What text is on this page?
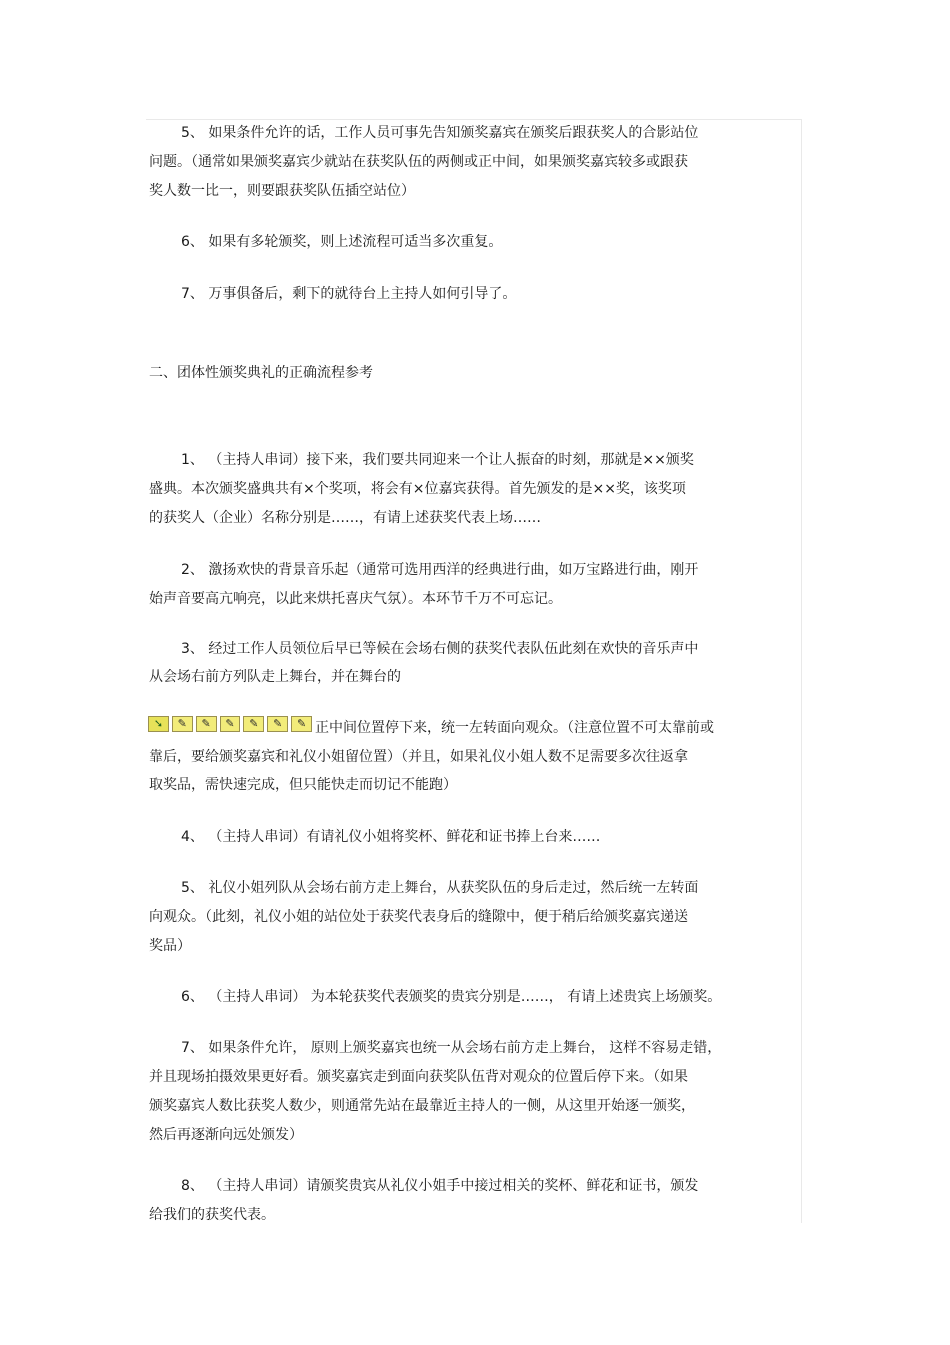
5、 如果条件允许的话，工作人员可事先告知颁奖嘉宾在颁奖后跟获奖人的合影站位
问题。（通常如果颁奖嘉宾少就站在获奖队伍的两侧或正中间，如果颁奖嘉宾较多或跟获
奖人数一比一，则要跟获奖队伍插空站位）
6、 如果有多轮颁奖，则上述流程可适当多次重复。
7、 万事俱备后，剩下的就待台上主持人如何引导了。
二、团体性颁奖典礼的正确流程参考
1、 （主持人串词）接下来，我们要共同迎来一个让人振奋的时刻，那就是××颁奖
盛典。本次颁奖盛典共有×个奖项，将会有×位嘉宾获得。首先颁发的是××奖，该奖项
的获奖人（企业）名称分别是……，有请上述获奖代表上场……
2、 激扬欢快的背景音乐起（通常可选用西洋的经典进行曲，如万宝路进行曲，刚开
始声音要高亢响亮，以此来烘托喜庆气氛）。本环节千万不可忘记。
3、 经过工作人员领位后早已等候在会场右侧的获奖代表队伍此刻在欢快的音乐声中
从会场右前方列队走上舞台，并在舞台的
➘	✎	✎	✎	✎	✎	✎ 正中间位置停下来，统一左转面向观众。（注意位置不可太靠前或
靠后，要给颁奖嘉宾和礼仪小姐留位置）（并且，如果礼仪小姐人数不足需要多次往返拿
取奖品，需快速完成，但只能快走而切记不能跑）
4、 （主持人串词）有请礼仪小姐将奖杯、鲜花和证书捧上台来……
5、 礼仪小姐列队从会场右前方走上舞台，从获奖队伍的身后走过，然后统一左转面
向观众。（此刻，礼仪小姐的站位处于获奖代表身后的缝隙中，便于稍后给颁奖嘉宾递送
奖品）
6、 （主持人串词） 为本轮获奖代表颁奖的贵宾分别是……， 有请上述贵宾上场颁奖。
7、 如果条件允许， 原则上颁奖嘉宾也统一从会场右前方走上舞台， 这样不容易走错，
并且现场拍摄效果更好看。颁奖嘉宾走到面向获奖队伍背对观众的位置后停下来。（如果
颁奖嘉宾人数比获奖人数少，则通常先站在最靠近主持人的一侧，从这里开始逐一颁奖，
然后再逐渐向远处颁发）
8、 （主持人串词）请颁奖贵宾从礼仪小姐手中接过相关的奖杯、鲜花和证书，颁发
给我们的获奖代表。
